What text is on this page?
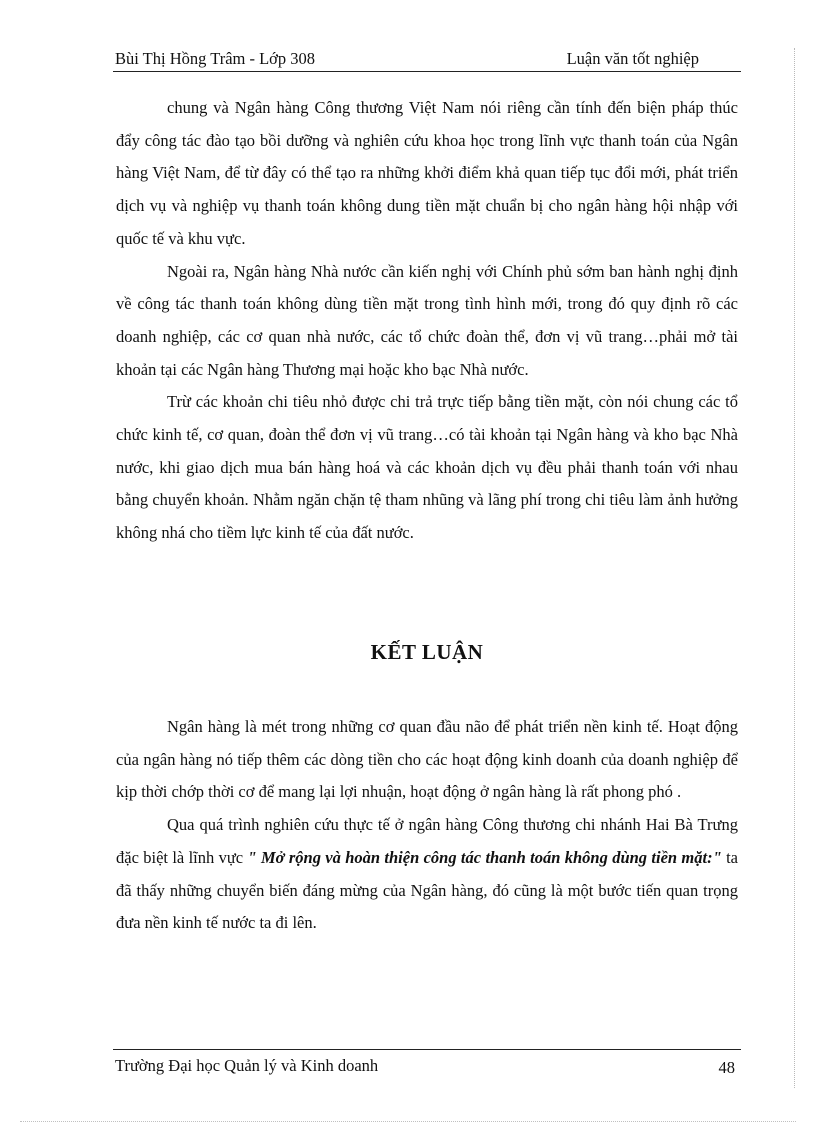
Bùi Thị Hồng Trâm - Lớp 308	Luận văn tốt nghiệp

chung và Ngân hàng Công thương Việt Nam nói riêng cần tính đến biện pháp thúc đẩy công tác đào tạo bồi dưỡng và nghiên cứu khoa học trong lĩnh vực thanh toán của Ngân hàng Việt Nam, để từ đây có thể tạo ra những khởi điểm khả quan tiếp tục đổi mới, phát triển dịch vụ và nghiệp vụ thanh toán không dung tiền mặt chuẩn bị cho ngân hàng hội nhập với quốc tế và khu vực.

Ngoài ra, Ngân hàng Nhà nước cần kiến nghị với Chính phủ sớm ban hành nghị định về công tác thanh toán không dùng tiền mặt trong tình hình mới, trong đó quy định rõ các doanh nghiệp, các cơ quan nhà nước, các tổ chức đoàn thể, đơn vị vũ trang…phải mở tài khoản tại các Ngân hàng Thương mại hoặc kho bạc Nhà nước.

Trừ các khoản chi tiêu nhỏ được chi trả trực tiếp bằng tiền mặt, còn nói chung các tổ chức kinh tế, cơ quan, đoàn thể đơn vị vũ trang…có tài khoản tại Ngân hàng và kho bạc Nhà nước, khi giao dịch mua bán hàng hoá và các khoản dịch vụ đều phải thanh toán với nhau bằng chuyển khoản. Nhằm ngăn chặn tệ tham nhũng và lãng phí trong chi tiêu làm ảnh hưởng không nhá cho tiềm lực kinh tế của đất nước.

KẾT LUẬN

Ngân hàng là mét trong những cơ quan đầu não để phát triển nền kinh tế. Hoạt động của ngân hàng nó tiếp thêm các dòng tiền cho các hoạt động kinh doanh của doanh nghiệp để kịp thời chớp thời cơ để mang lại lợi nhuận, hoạt động ở ngân hàng là rất phong phó .

Qua quá trình nghiên cứu thực tế ở ngân hàng Công thương chi nhánh Hai Bà Trưng đặc biệt là lĩnh vực " Mở rộng và hoàn thiện công tác thanh toán không dùng tiền mặt:" ta đã thấy những chuyển biến đáng mừng của Ngân hàng, đó cũng là một bước tiến quan trọng đưa nền kinh tế nước ta đi lên.

Trường Đại học Quản lý và Kinh doanh	48
